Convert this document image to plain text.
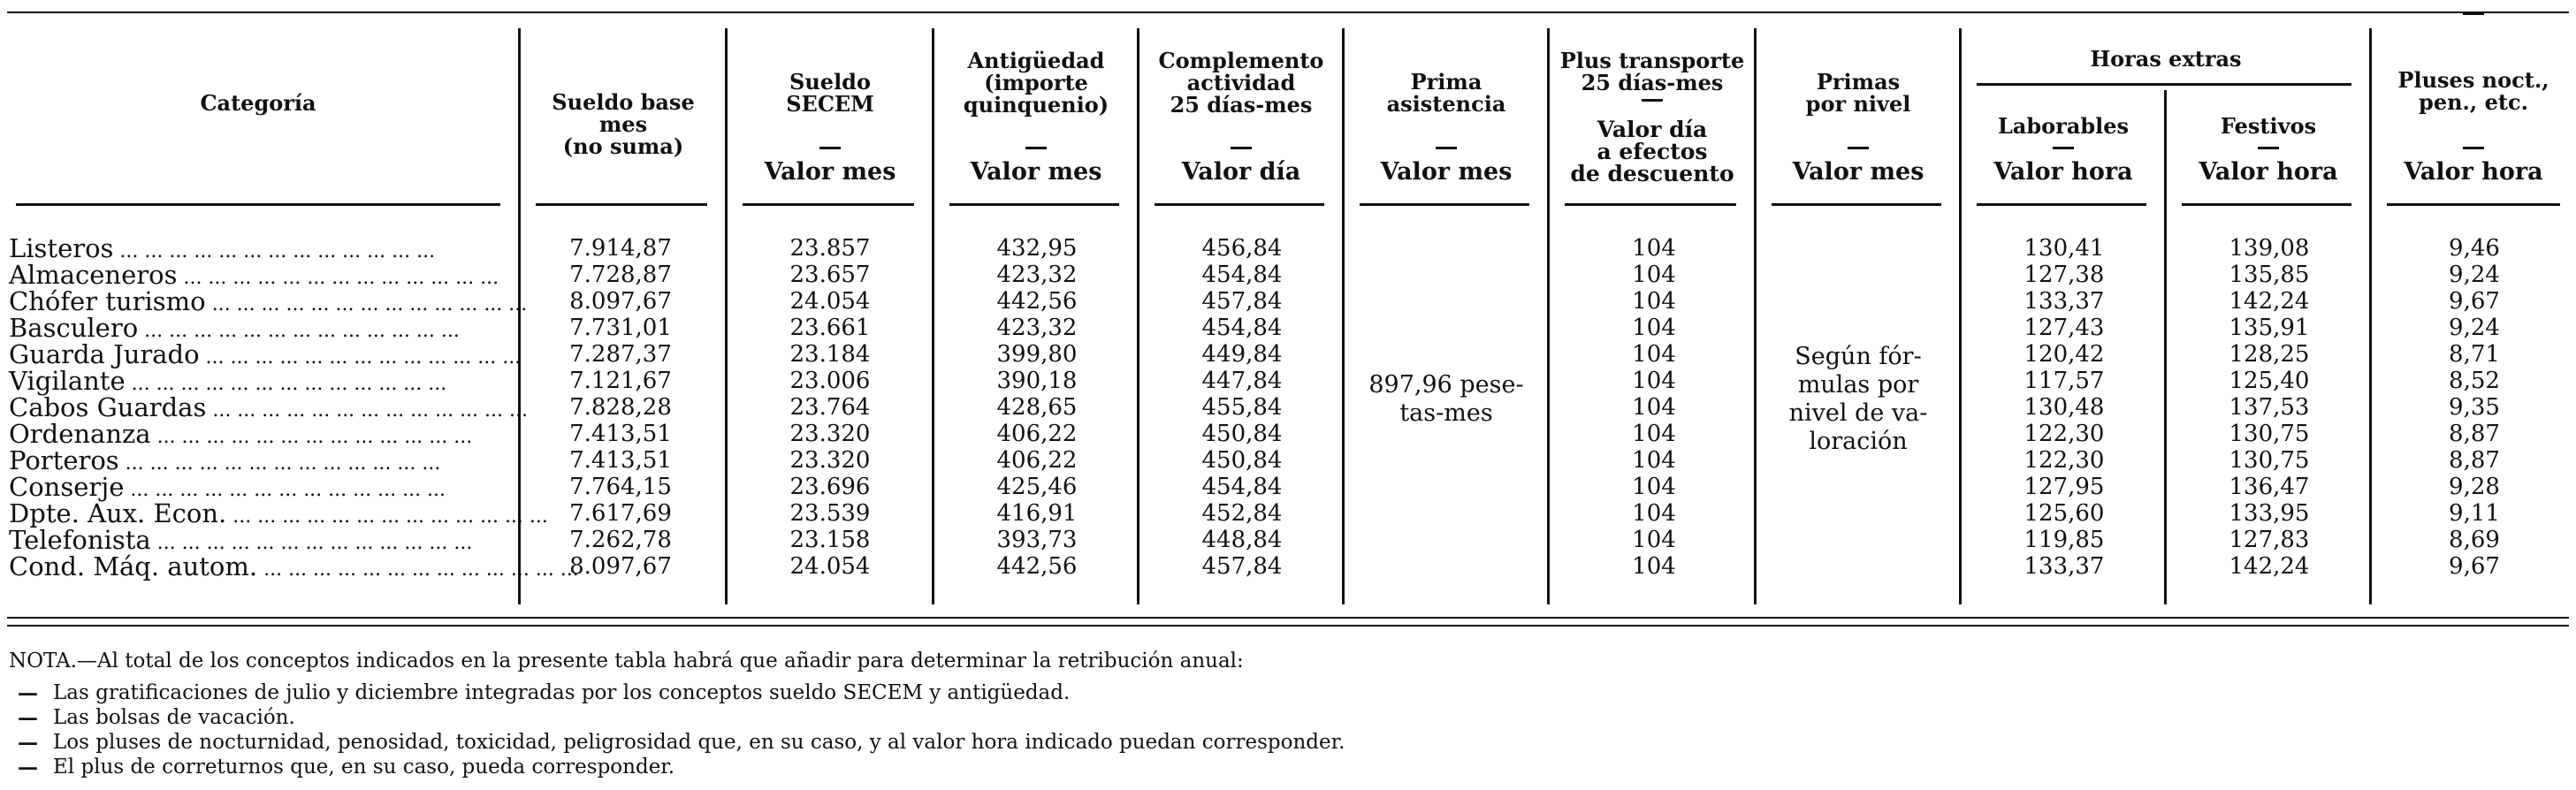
Categoría	Sueldo base
mes
(no suma)

Sueldo
SECEM
Valor mes
Antigüedad
(importe
quinquenio)
Valor mes
Complemento
actividad
25 días-mes
Valor día
Prima
asistencia
Valor mes
Plus transporte
25 días-mes
Valor día
a efectos
de descuento
Primas
por nivel
Valor mes
Horas extras
Laborables
Valor hora
Festivos
Valor hora
Pluses noct.,
pen., etc.
Valor hora
Listeros ... ... ... ... ... ... ... ... ... ... ... ... ...
Almaceneros ... ... ... ... ... ... ... ... ... ... ... ... ...
Chófer turismo ... ... ... ... ... ... ... ... ... ... ... ... ...
Basculero ... ... ... ... ... ... ... ... ... ... ... ... ...
Guarda Jurado ... ... ... ... ... ... ... ... ... ... ... ... ...
Vigilante ... ... ... ... ... ... ... ... ... ... ... ... ...
Cabos Guardas ... ... ... ... ... ... ... ... ... ... ... ... ...
Ordenanza ... ... ... ... ... ... ... ... ... ... ... ... ...
Porteros ... ... ... ... ... ... ... ... ... ... ... ... ...
Conserje ... ... ... ... ... ... ... ... ... ... ... ... ...
Dpte. Aux. Econ. ... ... ... ... ... ... ... ... ... ... ... ... ...
Telefonista ... ... ... ... ... ... ... ... ... ... ... ... ...
Cond. Máq. autom. ... ... ... ... ... ... ... ... ... ... ... ... ...
7.914,87
7.728,87
8.097,67
7.731,01
7.287,37
7.121,67
7.828,28
7.413,51
7.413,51
7.764,15
7.617,69
7.262,78
8.097,67
23.857
23.657
24.054
23.661
23.184
23.006
23.764
23.320
23.320
23.696
23.539
23.158
24.054
432,95
423,32
442,56
423,32
399,80
390,18
428,65
406,22
406,22
425,46
416,91
393,73
442,56
456,84
454,84
457,84
454,84
449,84
447,84
455,84
450,84
450,84
454,84
452,84
448,84
457,84
104
104
104
104
104
104
104
104
104
104
104
104
104
130,41
127,38
133,37
127,43
120,42
117,57
130,48
122,30
122,30
127,95
125,60
119,85
133,37
139,08
135,85
142,24
135,91
128,25
125,40
137,53
130,75
130,75
136,47
133,95
127,83
142,24
9,46
9,24
9,67
9,24
8,71
8,52
9,35
8,87
8,87
9,28
9,11
8,69
9,67
897,96 pese-
tas-mes
Según fór-
mulas por
nivel de va-
loración
NOTA.—Al total de los conceptos indicados en la presente tabla habrá que añadir para determinar la retribución anual:
— Las gratificaciones de julio y diciembre integradas por los conceptos sueldo SECEM y antigüedad.
— Las bolsas de vacación.
— Los pluses de nocturnidad, penosidad, toxicidad, peligrosidad que, en su caso, y al valor hora indicado puedan corresponder.
— El plus de correturnos que, en su caso, pueda corresponder.
